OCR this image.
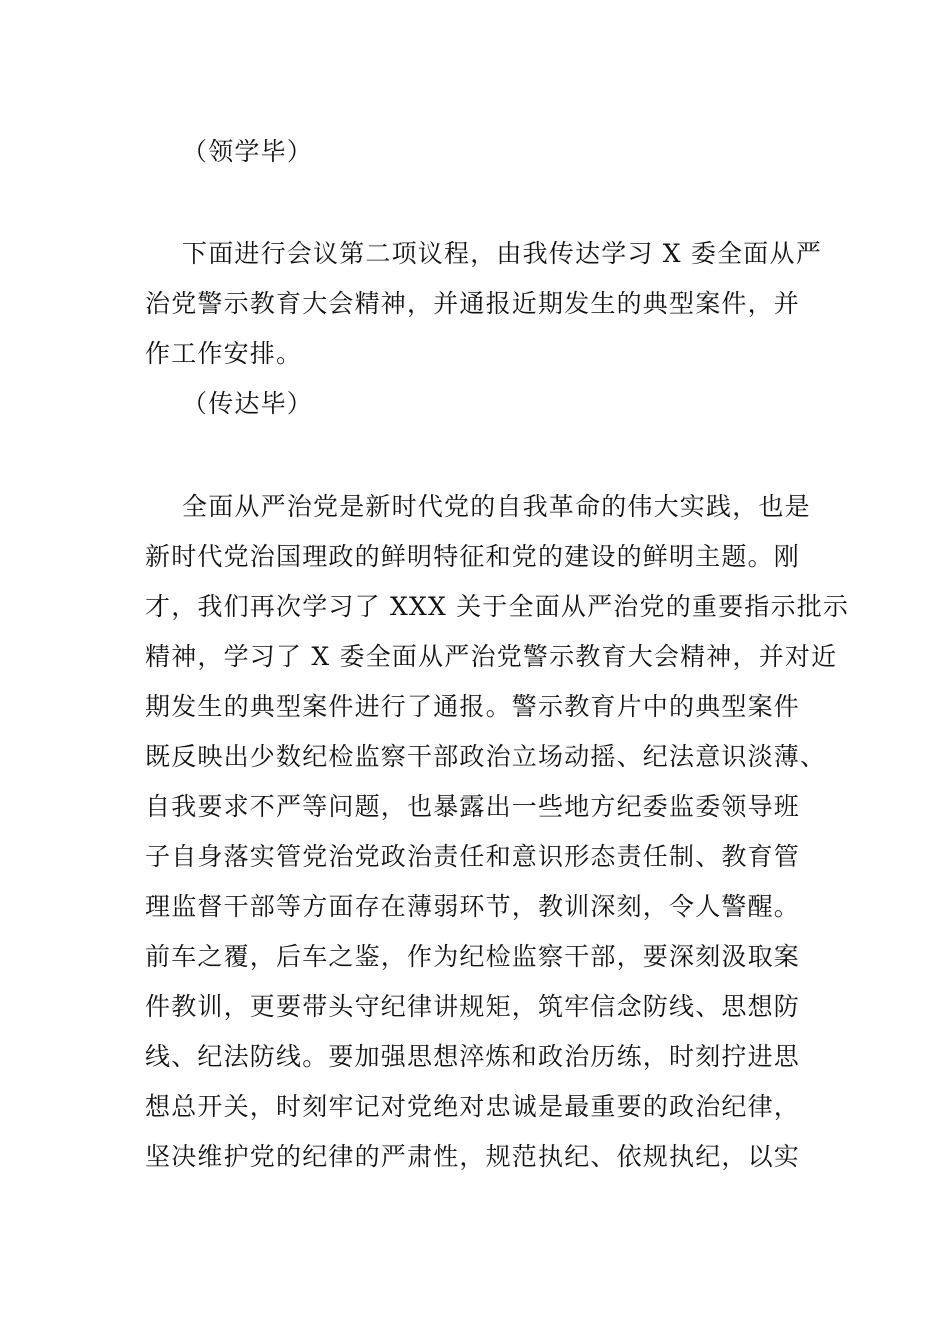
（领学毕）
下面进行会议第二项议程，由我传达学习 X 委全面从严
治党警示教育大会精神，并通报近期发生的典型案件，并
作工作安排。
（传达毕）
全面从严治党是新时代党的自我革命的伟大实践，也是
新时代党治国理政的鲜明特征和党的建设的鲜明主题。刚
才，我们再次学习了 XXX 关于全面从严治党的重要指示批示
精神，学习了 X 委全面从严治党警示教育大会精神，并对近
期发生的典型案件进行了通报。警示教育片中的典型案件
既反映出少数纪检监察干部政治立场动摇、纪法意识淡薄、
自我要求不严等问题，也暴露出一些地方纪委监委领导班
子自身落实管党治党政治责任和意识形态责任制、教育管
理监督干部等方面存在薄弱环节，教训深刻，令人警醒。
前车之覆，后车之鉴，作为纪检监察干部，要深刻汲取案
件教训，更要带头守纪律讲规矩，筑牢信念防线、思想防
线、纪法防线。要加强思想淬炼和政治历练，时刻拧进思
想总开关，时刻牢记对党绝对忠诚是最重要的政治纪律，
坚决维护党的纪律的严肃性，规范执纪、依规执纪，以实
